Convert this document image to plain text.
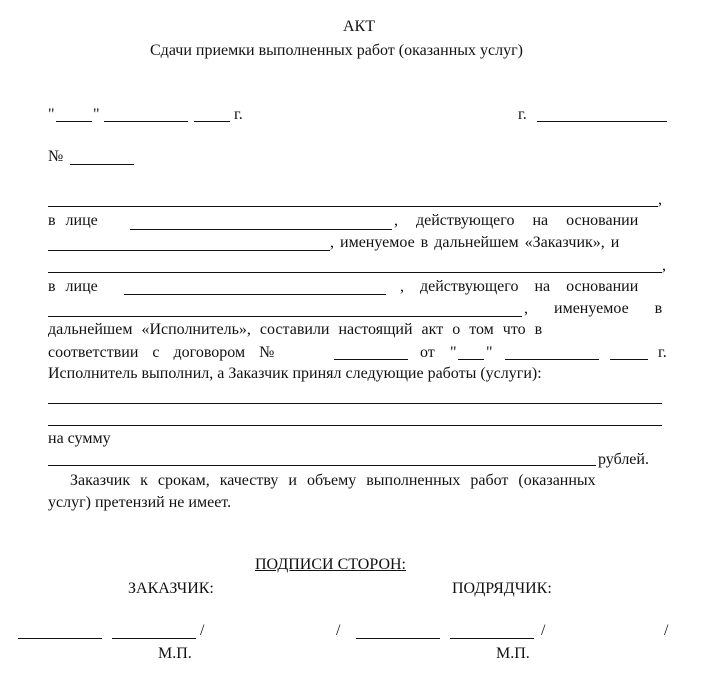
АКТ
Сдачи приемки выполненных работ (оказанных услуг)
" "	г.	г.
№
,
в лице	, действующего на основании
, именуемое в дальнейшем «Заказчик», и
,
в лице	, действующего на основании
, именуемое в
дальнейшем «Исполнитель», составили настоящий акт о том что в
соответствии с договором №	от " "	г.
Исполнитель выполнил, а Заказчик принял следующие работы (услуги):
на сумму
рублей.
Заказчик к срокам, качеству и объему выполненных работ (оказанных
услуг) претензий не имеет.
ПОДПИСИ СТОРОН:
ЗАКАЗЧИК:	ПОДРЯДЧИК:
/	/	/	/
М.П.	М.П.
